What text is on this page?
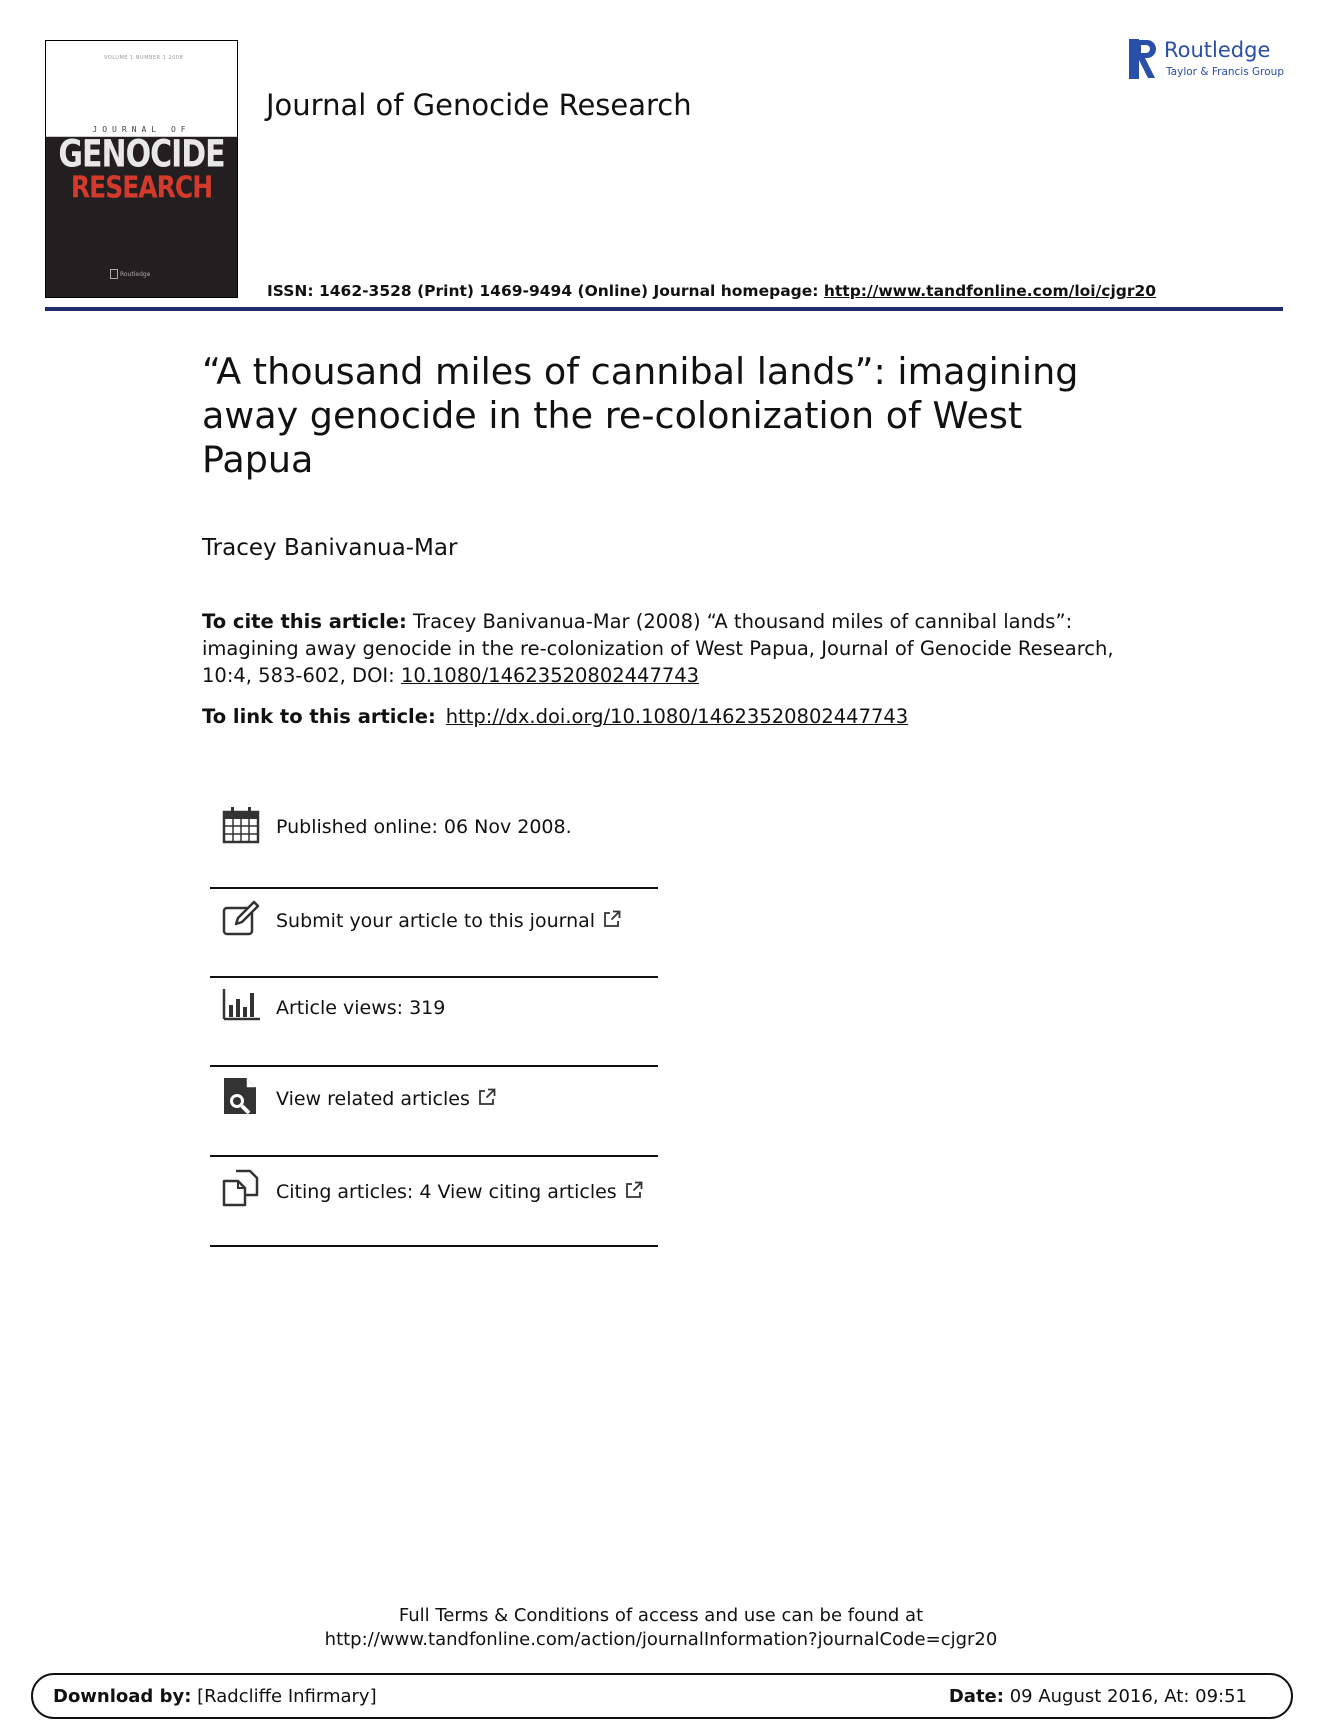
VOLUME 1 NUMBER 1 2008
JOURNAL OF
GENOCIDE
RESEARCH
Routledge
Journal of Genocide Research
ISSN: 1462-3528 (Print) 1469-9494 (Online) Journal homepage: http://www.tandfonline.com/loi/cjgr20
Routledge
Taylor & Francis Group
“A thousand miles of cannibal lands”: imagining away genocide in the re-colonization of West Papua
Tracey Banivanua-Mar
To cite this article: Tracey Banivanua-Mar (2008) “A thousand miles of cannibal lands”: imagining away genocide in the re-colonization of West Papua, Journal of Genocide Research, 10:4, 583-602, DOI: 10.1080/14623520802447743
To link to this article: http://dx.doi.org/10.1080/14623520802447743
Published online: 06 Nov 2008.
Submit your article to this journal
Article views: 319
View related articles
Citing articles: 4 View citing articles
Full Terms & Conditions of access and use can be found at
http://www.tandfonline.com/action/journalInformation?journalCode=cjgr20
Download by: [Radcliffe Infirmary]	Date: 09 August 2016, At: 09:51
